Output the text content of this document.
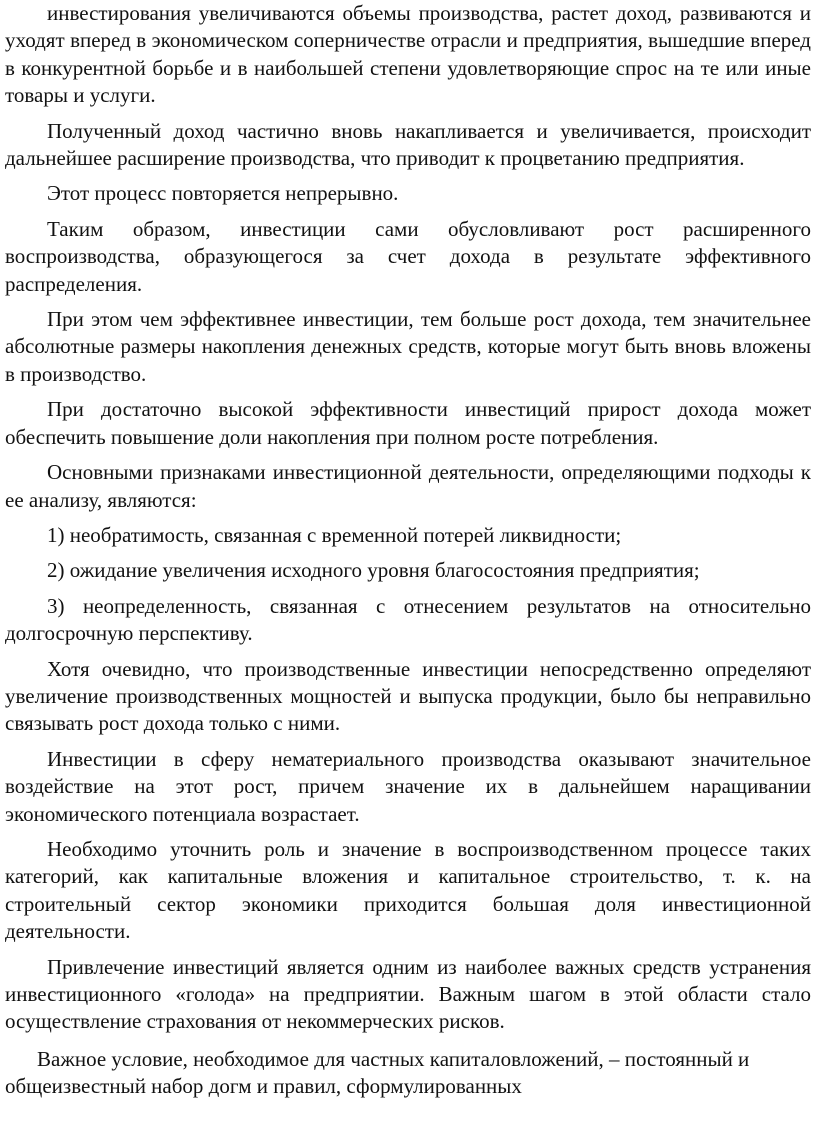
инвестирования увеличиваются объемы производства, растет доход, развиваются и уходят вперед в экономическом соперничестве отрасли и предприятия, вышедшие вперед в конкурентной борьбе и в наибольшей степени удовлетворяющие спрос на те или иные товары и услуги.

Полученный доход частично вновь накапливается и увеличивается, происходит дальнейшее расширение производства, что приводит к процветанию предприятия.

Этот процесс повторяется непрерывно.

Таким образом, инвестиции сами обусловливают рост расширенного воспроизводства, образующегося за счет дохода в результате эффективного распределения.

При этом чем эффективнее инвестиции, тем больше рост дохода, тем значительнее абсолютные размеры накопления денежных средств, которые могут быть вновь вложены в производство.

При достаточно высокой эффективности инвестиций прирост дохода может обеспечить повышение доли накопления при полном росте потребления.

Основными признаками инвестиционной деятельности, определяющими подходы к ее анализу, являются:

1) необратимость, связанная с временной потерей ликвидности;

2) ожидание увеличения исходного уровня благосостояния предприятия;

3) неопределенность, связанная с отнесением результатов на относительно долгосрочную перспективу.

Хотя очевидно, что производственные инвестиции непосредственно определяют увеличение производственных мощностей и выпуска продукции, было бы неправильно связывать рост дохода только с ними.

Инвестиции в сферу нематериального производства оказывают значительное воздействие на этот рост, причем значение их в дальнейшем наращивании экономического потенциала возрастает.

Необходимо уточнить роль и значение в воспроизводственном процессе таких категорий, как капитальные вложения и капитальное строительство, т. к. на строительный сектор экономики приходится большая доля инвестиционной деятельности.

Привлечение инвестиций является одним из наиболее важных средств устранения инвестиционного «голода» на предприятии. Важным шагом в этой области стало осуществление страхования от некоммерческих рисков.

Важное условие, необходимое для частных капиталовложений, – постоянный и общеизвестный набор догм и правил, сформулированных
